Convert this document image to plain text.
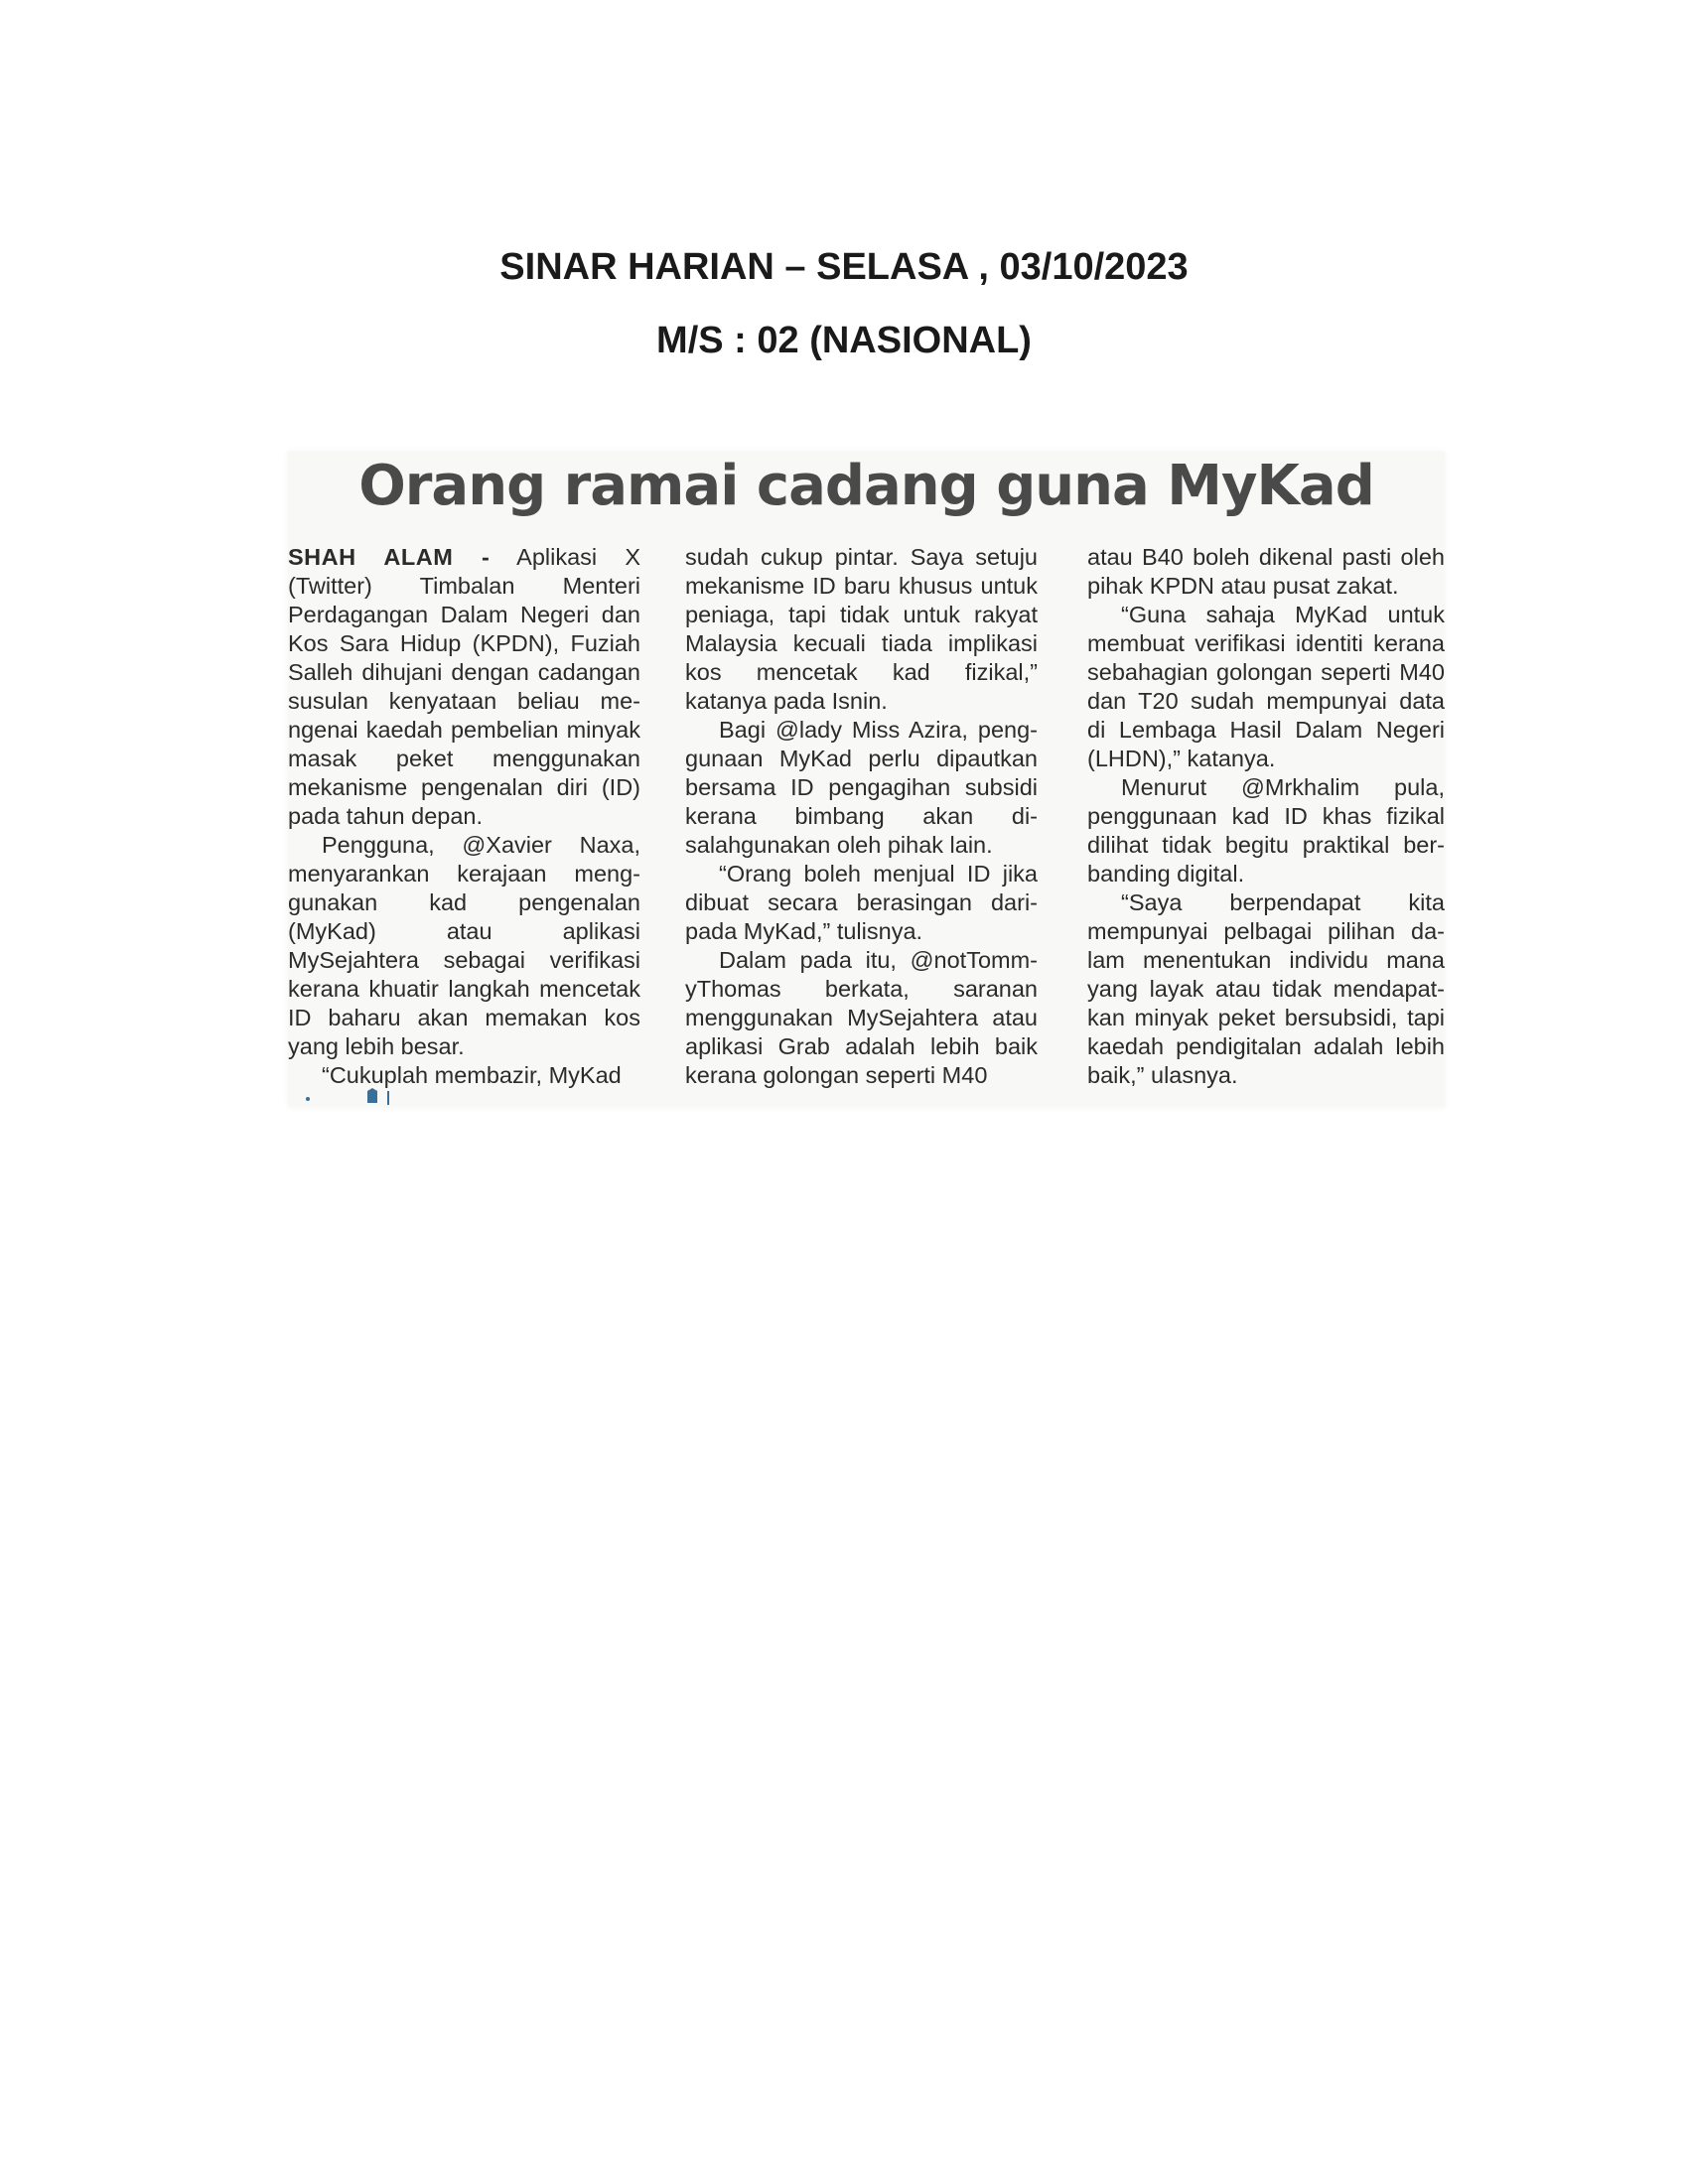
SINAR HARIAN – SELASA , 03/10/2023
M/S : 02 (NASIONAL)
Orang ramai cadang guna MyKad

SHAH ALAM - Aplikasi X (Twitter) Timbalan Menteri Perdagangan Dalam Negeri dan Kos Sara Hidup (KPDN), Fuziah Salleh dihujani dengan cadangan susulan kenyataan beliau mengenai kaedah pembelian minyak masak peket menggunakan mekanisme pengenalan diri (ID) pada tahun depan.

Pengguna, @Xavier Naxa, menyarankan kerajaan menggunakan kad pengenalan (MyKad) atau aplikasi MySejahtera sebagai verifikasi kerana khuatir langkah mencetak ID baharu akan memakan kos yang lebih besar.

“Cukuplah membazir, MyKad

sudah cukup pintar. Saya setuju mekanisme ID baru khusus untuk peniaga, tapi tidak untuk rakyat Malaysia kecuali tiada implikasi kos mencetak kad fizikal,” katanya pada Isnin.

Bagi @lady Miss Azira, penggunaan MyKad perlu dipautkan bersama ID pengagihan subsidi kerana bimbang akan disalahgunakan oleh pihak lain.

“Orang boleh menjual ID jika dibuat secara berasingan daripada MyKad,” tulisnya.

Dalam pada itu, @notTommyThomas berkata, saranan menggunakan MySejahtera atau aplikasi Grab adalah lebih baik kerana golongan seperti M40

atau B40 boleh dikenal pasti oleh pihak KPDN atau pusat zakat.

“Guna sahaja MyKad untuk membuat verifikasi identiti kerana sebahagian golongan seperti M40 dan T20 sudah mempunyai data di Lembaga Hasil Dalam Negeri (LHDN),” katanya.

Menurut @Mrkhalim pula, penggunaan kad ID khas fizikal dilihat tidak begitu praktikal berbanding digital.

“Saya berpendapat kita mempunyai pelbagai pilihan dalam menentukan individu mana yang layak atau tidak mendapatkan minyak peket bersubsidi, tapi kaedah pendigitalan adalah lebih baik,” ulasnya.
